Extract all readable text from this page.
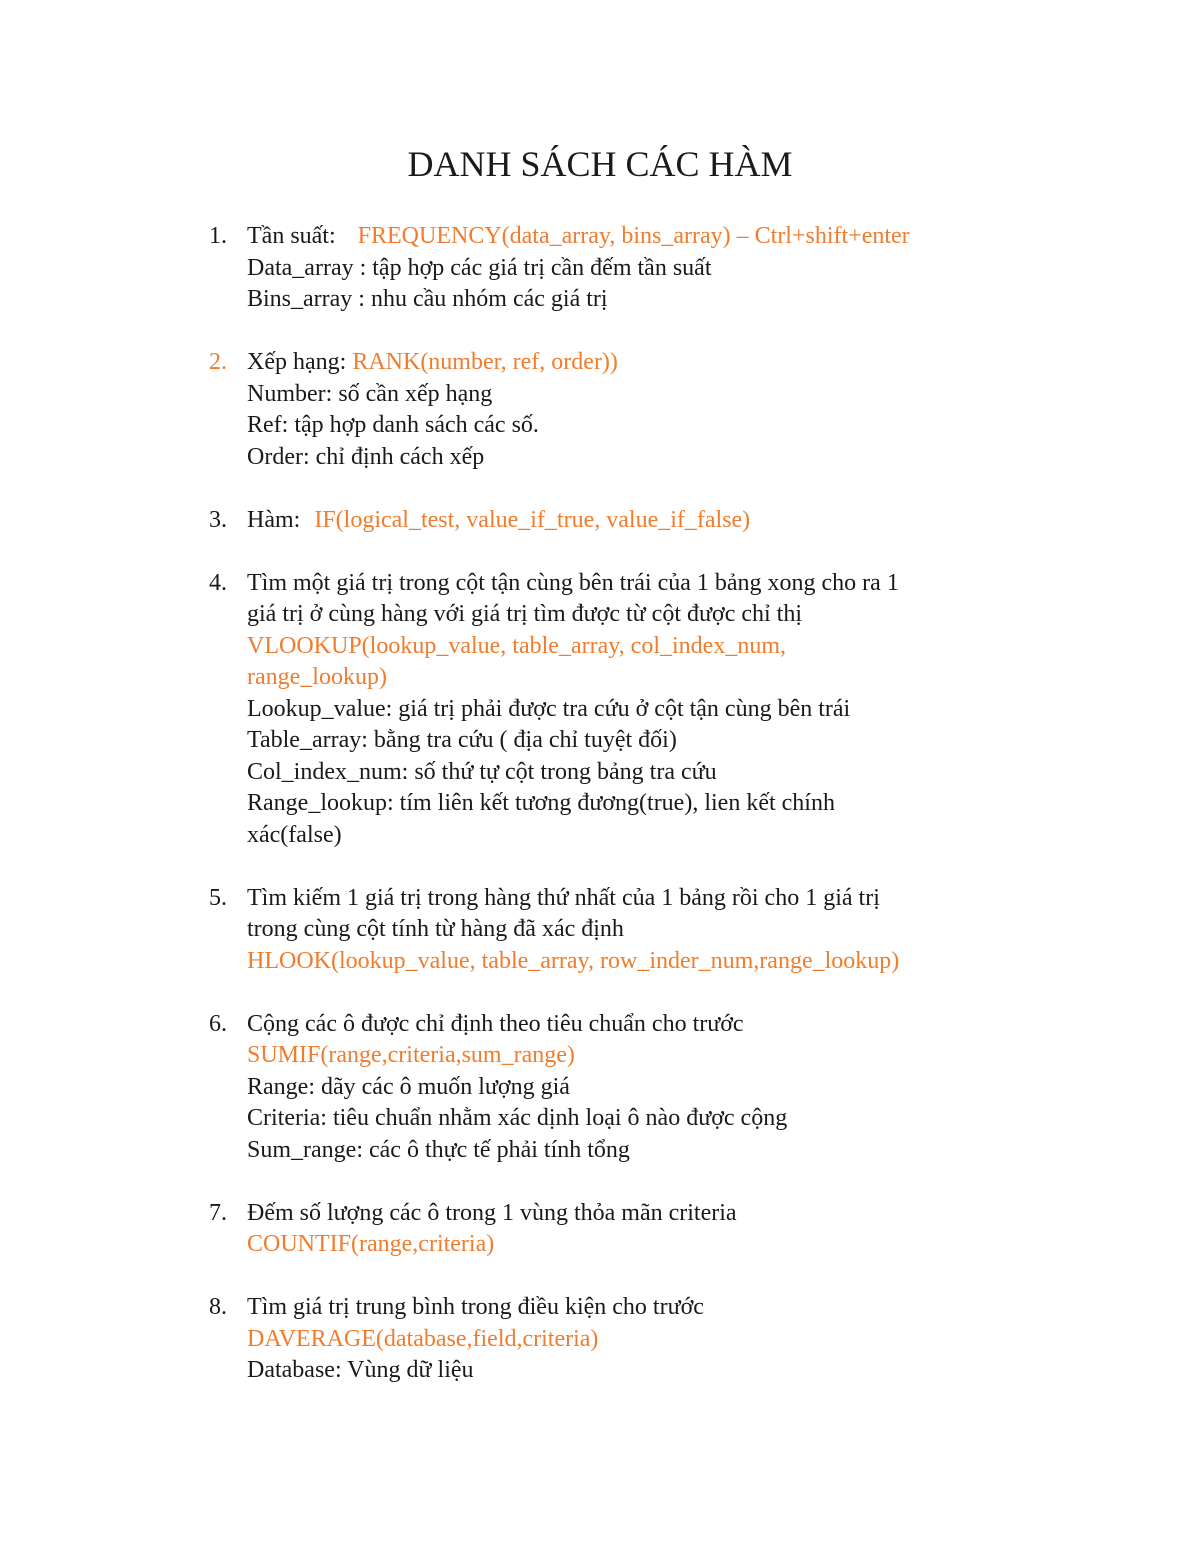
DANH SÁCH CÁC HÀM
1. Tần suất: FREQUENCY(data_array, bins_array) – Ctrl+shift+enter
Data_array : tập hợp các giá trị cần đếm tần suất
Bins_array : nhu cầu nhóm các giá trị
2. Xếp hạng: RANK(number, ref, order))
Number: số cần xếp hạng
Ref: tập hợp danh sách các số.
Order: chỉ định cách xếp
3. Hàm: IF(logical_test, value_if_true, value_if_false)
4. Tìm một giá trị trong cột tận cùng bên trái của 1 bảng xong cho ra 1
giá trị ở cùng hàng với giá trị tìm được từ cột được chỉ thị
VLOOKUP(lookup_value, table_array, col_index_num,
range_lookup)
Lookup_value: giá trị phải được tra cứu ở cột tận cùng bên trái
Table_array: bằng tra cứu ( địa chỉ tuyệt đối)
Col_index_num: số thứ tự cột trong bảng tra cứu
Range_lookup: tím liên kết tương đương(true), lien kết chính
xác(false)
5. Tìm kiếm 1 giá trị trong hàng thứ nhất của 1 bảng rồi cho 1 giá trị
trong cùng cột tính từ hàng đã xác định
HLOOK(lookup_value, table_array, row_inder_num,range_lookup)
6. Cộng các ô được chỉ định theo tiêu chuẩn cho trước
SUMIF(range,criteria,sum_range)
Range: dãy các ô muốn lượng giá
Criteria: tiêu chuẩn nhằm xác dịnh loại ô nào được cộng
Sum_range: các ô thực tế phải tính tổng
7. Đếm số lượng các ô trong 1 vùng thỏa mãn criteria
COUNTIF(range,criteria)
8. Tìm giá trị trung bình trong điều kiện cho trước
DAVERAGE(database,field,criteria)
Database: Vùng dữ liệu
